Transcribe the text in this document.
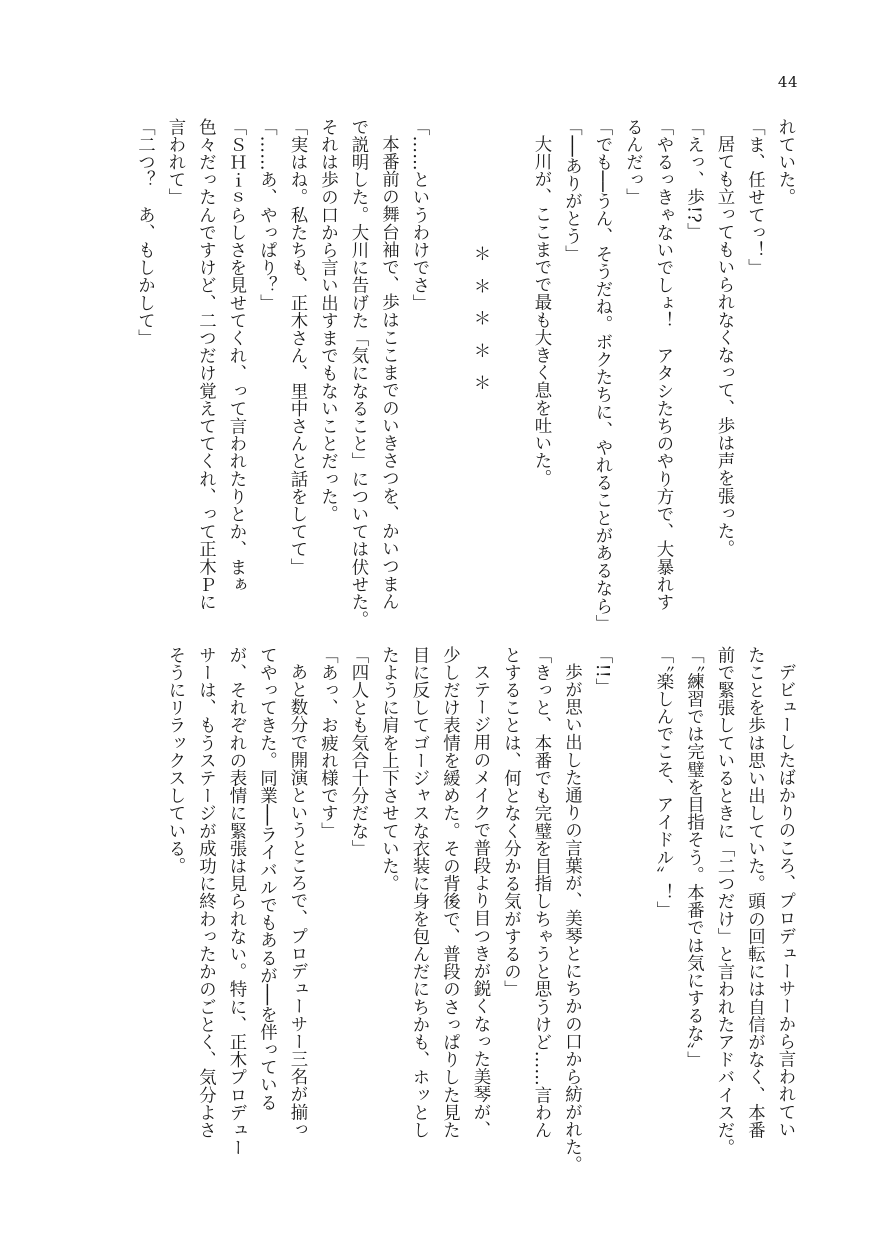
44
れていた。
「ま、任せてっ！」
居ても立ってもいられなくなって、歩は声を張った。
「えっ、歩!?」
「やるっきゃないでしょ！　アタシたちのやり方で、大暴れす
るんだっ」
「でも──うん、そうだね。ボクたちに、やれることがあるなら」
「──ありがとう」
大川が、ここまでで最も大きく息を吐いた。

＊＊＊＊＊

「……というわけでさ」
本番前の舞台袖で、歩はここまでのいきさつを、かいつまん
で説明した。大川に告げた「気になること」については伏せた。
それは歩の口から言い出すまでもないことだった。
「実はね。私たちも、正木さん、里中さんと話をしてて」
「……あ、やっぱり？」
「ＳＨｉｓらしさを見せてくれ、って言われたりとか、まぁ
色々だったんですけど、二つだけ覚えててくれ、って正木Ｐに
言われて」
「二つ？　あ、もしかして」
デビューしたばかりのころ、プロデューサーから言われてい
たことを歩は思い出していた。頭の回転には自信がなく、本番
前で緊張しているときに「二つだけ」と言われたアドバイスだ。
「〝練習では完璧を目指そう。本番では気にするな〟」
「〝楽しんでこそ、アイドル〟！」

「!!」
歩が思い出した通りの言葉が、美琴とにちかの口から紡がれた。
「きっと、本番でも完璧を目指しちゃうと思うけど……言わん
とすることは、何となく分かる気がするの」
ステージ用のメイクで普段より目つきが鋭くなった美琴が、
少しだけ表情を緩めた。その背後で、普段のさっぱりした見た
目に反してゴージャスな衣装に身を包んだにちかも、ホッとし
たように肩を上下させていた。
「四人とも気合十分だな」
「あっ、お疲れ様です」
あと数分で開演というところで、プロデューサー三名が揃っ
てやってきた。同業──ライバルでもあるが──を伴っている
が、それぞれの表情に緊張は見られない。特に、正木プロデュー
サーは、もうステージが成功に終わったかのごとく、気分よさ
そうにリラックスしている。
